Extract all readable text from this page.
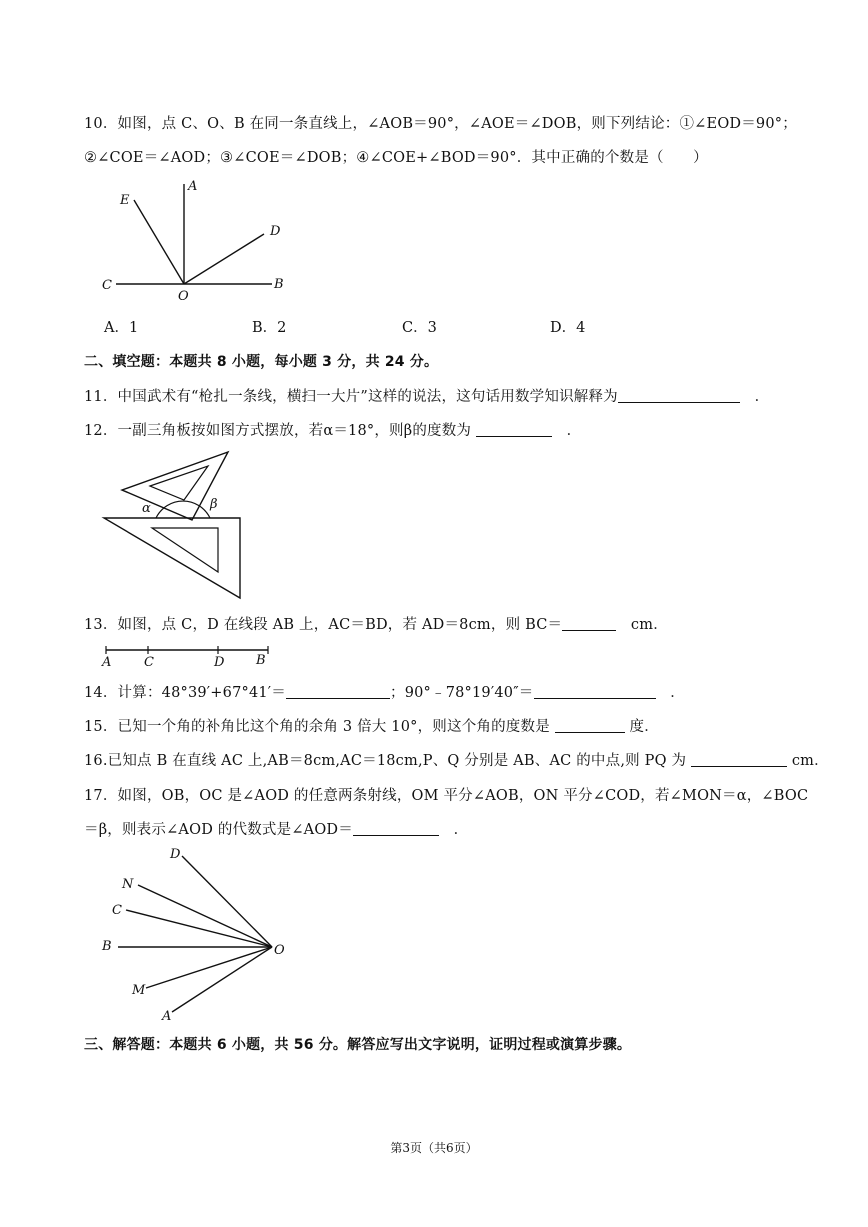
10．如图，点 C、O、B 在同一条直线上，∠AOB＝90°，∠AOE＝∠DOB，则下列结论：①∠EOD＝90°；
②∠COE＝∠AOD；③∠COE＝∠DOB；④∠COE+∠BOD＝90°．其中正确的个数是（　　）
E
A
D
C
O
B
A．1	B．2	C．3	D．4
二、填空题：本题共 8 小题，每小题 3 分，共 24 分。
11．中国武术有“枪扎一条线，横扫一大片”这样的说法，这句话用数学知识解释为　	．
12．一副三角板按如图方式摆放，若α＝18°，则β的度数为 　	．
α	β
13．如图，点 C，D 在线段 AB 上，AC＝BD，若 AD＝8cm，则 BC＝　	cm．
A	C	D B
14．计算：48°39′+67°41′＝	；90°﹣78°19′40″＝　	．
15．已知一个角的补角比这个角的余角 3 倍大 10°，则这个角的度数是	度．
16.已知点 B 在直线 AC 上,AB＝8cm,AC＝18cm,P、Q 分别是 AB、AC 的中点,则 PQ 为	cm．
17．如图，OB，OC 是∠AOD 的任意两条射线，OM 平分∠AOB，ON 平分∠COD，若∠MON＝α，∠BOC
＝β，则表示∠AOD 的代数式是∠AOD＝　	．
D
N
C
B	O
M
A
三、解答题：本题共 6 小题，共 56 分。解答应写出文字说明，证明过程或演算步骤。
第3页（共6页）
